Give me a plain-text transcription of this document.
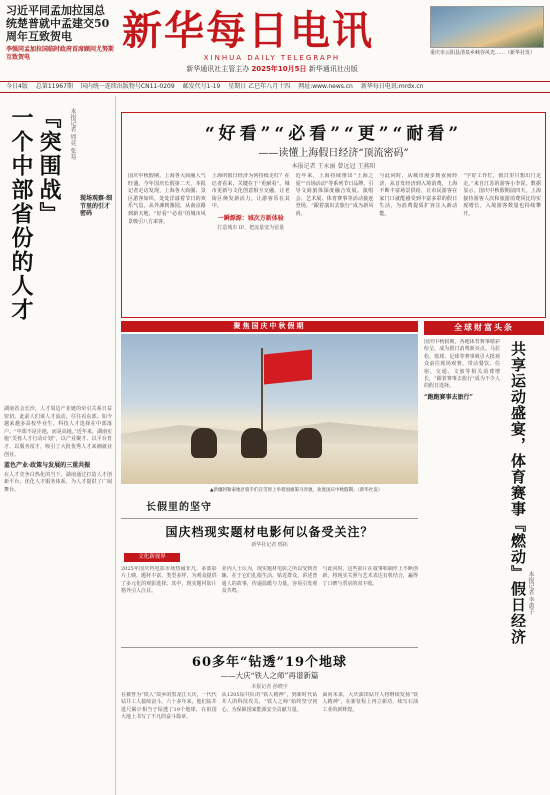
习近平同孟加拉国总统楚普就中孟建交50周年互致贺电
李强同孟加拉国临时政府首席顾问尤努斯互致贺电
新华每日电讯
XINHUA DAILY TELEGRAPH
新华通讯社主管主办 2025年10月5日 新华通讯社出版
重庆市云阳县清泉乡峡谷风光……（新华社发）
今日4版 总第11967期 国内统一连续出版物号CN11-0209 邮发代号1-19 星期日 乙巳年八月十四 网址:www.news.cn 新华每日电讯:mrdx.cn
一个中部省份的人才 『突围战』 本报记者 周竞 张易
现场观察·细节里的引才密码
湖南省会长沙，人才周边产业链的牵引关系日益密切。此前人们谈人才流动，往往看东部。如今越来越多高校毕业生、科技人才选择在中部落户。“中部不是洼地，而是高地。”近年来，湖南实施“芙蓉人才行动计划”，以产业聚才、以平台育才、以服务留才，吸引了大批优秀人才来湘就业创业。
蓝色产业·政策与发展的三重共振
在人才竞争白热化的当下，湖南通过打造人才创新平台、优化人才服务体系，为人才提供了广阔舞台。
“好看”“必看”“更”“耐看”
——读懂上海假日经济“顶流密码”
本报记者 王永丽 曾远冠 王燕阳
国庆中秋假期，上海各大商圈人气旺盛。今年国庆长假第二天，本报记者走访发现，上海各大商圈、景区游客如织，处处洋溢着节日的欢乐气息。从外滩到豫园，从南京路到新天地，“好看”“必看”的城市风景吸引八方来客。
上海的假日经济为何持续走红？在记者看来，关键在于“更耐看”。城市更新与文化创意相互交融，让老街区焕发新活力，让游客乐在其中。
一瞬源源：城次方新体验
打造城市 IP，把流量变为留量
近年来，上海持续推出“上海之夏”“百场活动”等系列节日品牌，引导文商旅体深度融合发展。演唱会、艺术展、体育赛事等活动接连登场，“跟着演出去旅行”成为新风尚。
与此同时，从城市漫步到夜间经济，从首发经济到入境消费，上海不断丰富场景供给，让市民游客在家门口就能感受到丰富多彩的假日生活，为消费提质扩容注入新动能。
“学好工作忙，假日里只想出门走走。”来自江苏的游客小李说。数据显示，国庆中秋假期前四天，上海接待游客人次和旅游消费同比均实现增长，入境游客数量也持续攀升。
聚焦国庆中秋假期
长假里的坚守
▲新疆阿勒泰地区骑手们在雪原上举着国旗策马奔驰，欢度国庆中秋假期。（新华社发）
全球财富头条
国庆中秋假期，各地体育赛事精彩纷呈，成为假日消费新亮点。马拉松、篮球、足球等赛事吸引大批观众前往现场观赛，带动餐饮、住宿、交通、文旅等相关消费增长，“跟着赛事去旅行”成为不少人的假日选择。
“跑跑赛事去旅行”	共享运动盛宴，体育赛事『燃动』假日经济 本报记者 李惠子
国庆档现实题材电影何以备受关注？
新华社记者 邢拓
文化新视界
2025年国庆档电影市场热闹非凡，多部影片上映，题材丰富、类型多样，为观众提供了多元化的观影选择。其中，现实题材影片格外引人注目。
业内人士认为，现实题材电影之所以受到青睐，在于它们扎根生活、贴近群众，讲述普通人的故事，传递温暖与力量，容易引发观众共鸣。
与此同时，这些影片在叙事和制作上不断创新，将现实关照与艺术表达有机结合，赢得了口碑与票房的双丰收。
60多年“钻透”19个地球
——大庆“铁人之师”再谱新篇
本报记者 孙晓宇
在被誉为“铁人”故乡的黑龙江大庆，一代代钻井工人接续奋斗。六十多年来，他们钻井进尺累计相当于钻透了19个地球，在祖国大地上书写了不凡的奋斗篇章。
从1205钻井队的“铁人精神”，到新时代钻井人的科技攻关，“铁人之师”始终坚守初心，为保障国家能源安全贡献力量。
面向未来，大庆油田钻井人将继续发扬“铁人精神”，在新征程上再立新功，续写石油工业的新辉煌。
